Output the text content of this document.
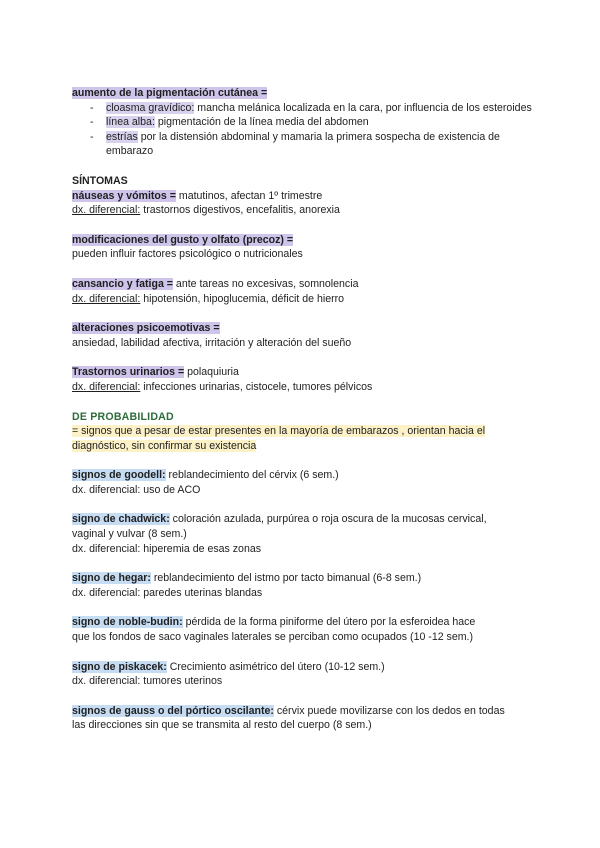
aumento de la pigmentación cutánea =
- cloasma gravídico: mancha melánica localizada en la cara, por influencia de los esteroides
- línea alba: pigmentación de la línea media del abdomen
- estrías por la distensión abdominal y mamaria la primera sospecha de existencia de embarazo
SÍNTOMAS
náuseas y vómitos = matutinos, afectan 1º trimestre
dx. diferencial: trastornos digestivos, encefalitis, anorexia
modificaciones del gusto y olfato (precoz) =
pueden influir factores psicológico o nutricionales
cansancio y fatiga = ante tareas no excesivas, somnolencia
dx. diferencial: hipotensión, hipoglucemia, déficit de hierro
alteraciones psicoemotivas =
ansiedad, labilidad afectiva, irritación y alteración del sueño
Trastornos urinarios = polaquiuria
dx. diferencial: infecciones urinarias, cistocele, tumores pélvicos
DE PROBABILIDAD
= signos que a pesar de estar presentes en la mayoría de embarazos , orientan hacia el
diagnóstico, sin confirmar su existencia
signos de goodell: reblandecimiento del cérvix (6 sem.)
dx. diferencial: uso de ACO
signo de chadwick: coloración azulada, purpúrea o roja oscura de la mucosas cervical,
vaginal y vulvar (8 sem.)
dx. diferencial: hiperemia de esas zonas
signo de hegar: reblandecimiento del istmo por tacto bimanual (6-8 sem.)
dx. diferencial: paredes uterinas blandas
signo de noble-budin: pérdida de la forma piniforme del útero por la esferoidea hace
que los fondos de saco vaginales laterales se perciban como ocupados (10 -12 sem.)
signo de piskacek: Crecimiento asimétrico del útero (10-12 sem.)
dx. diferencial: tumores uterinos
signos de gauss o del pórtico oscilante: cérvix puede movilizarse con los dedos en todas
las direcciones sin que se transmita al resto del cuerpo (8 sem.)
